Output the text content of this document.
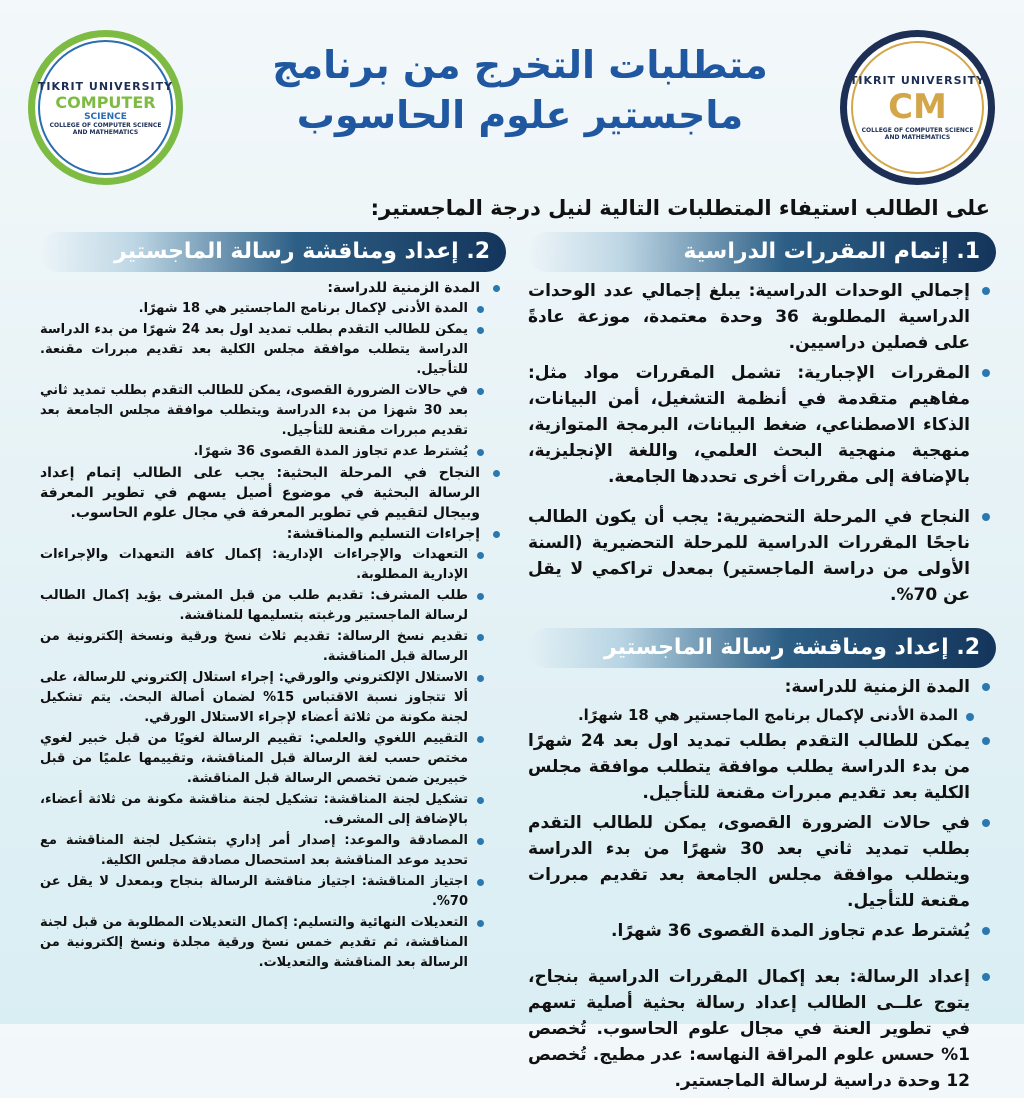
TIKRIT UNIVERSITY
COMPUTER
SCIENCE
COLLEGE OF COMPUTER SCIENCE AND MATHEMATICS
TIKRIT UNIVERSITY
CM
COLLEGE OF COMPUTER SCIENCE AND MATHEMATICS
متطلبات التخرج من برنامج
ماجستير علوم الحاسوب
على الطالب استيفاء المتطلبات التالية لنيل درجة الماجستير:
1. إتمام المقررات الدراسية
إجمالي الوحدات الدراسية: يبلغ إجمالي عدد الوحدات الدراسية المطلوبة 36 وحدة معتمدة، موزعة عادةً على فصلين دراسيين.
المقررات الإجبارية: تشمل المقررات مواد مثل: مفاهيم متقدمة في أنظمة التشغيل، أمن البيانات، الذكاء الاصطناعي، ضغط البيانات، البرمجة المتوازية، منهجية منهجية البحث العلمي، واللغة الإنجليزية، بالإضافة إلى مقررات أخرى تحددها الجامعة.
النجاح في المرحلة التحضيرية: يجب أن يكون الطالب ناجحًا المقررات الدراسية للمرحلة التحضيرية (السنة الأولى من دراسة الماجستير) بمعدل تراكمي لا يقل عن 70%.
2. إعداد ومناقشة رسالة الماجستير
المدة الزمنية للدراسة:
المدة الأدنى لإكمال برنامج الماجستير هي 18 شهرًا.
يمكن للطالب التقدم بطلب تمديد اول بعد 24 شهرًا من بدء الدراسة يطلب موافقة يتطلب موافقة مجلس الكلية بعد تقديم مبررات مقنعة للتأجيل.
في حالات الضرورة القصوى، يمكن للطالب التقدم بطلب تمديد ثاني بعد 30 شهرًا من بدء الدراسة ويتطلب موافقة مجلس الجامعة بعد تقديم مبررات مقنعة للتأجيل.
يُشترط عدم تجاوز المدة القصوى 36 شهرًا.
إعداد الرسالة: بعد إكمال المقررات الدراسية بنجاح، يتوج علــى الطالب إعداد رسالة بحثية أصلية تسهم في تطوير العنة في مجال علوم الحاسوب. تُخصص 1% حسس علوم المراقة النهاسه: عدر مطيج. تُخصص 12 وحدة دراسية لرسالة الماجستير.
2. إعداد ومناقشة رسالة الماجستير
المدة الزمنية للدراسة:
المدة الأدنى لإكمال برنامج الماجستير هي 18 شهرًا.
يمكن للطالب التقدم بطلب تمديد اول بعد 24 شهرًا من بدء الدراسة الدراسة يتطلب موافقة مجلس الكلية بعد تقديم مبررات مقنعة. للتأجيل.
في حالات الضرورة القصوى، يمكن للطالب التقدم بطلب تمديد ثاني بعد 30 شهزا من بدء الدراسة ويتطلب موافقة مجلس الجامعة بعد تقديم مبررات مقنعة للتأجيل.
يُشترط عدم تجاوز المدة القصوى 36 شهرًا.
النجاح في المرحلة البحثية: يجب على الطالب إتمام إعداد الرسالة البحثية في موضوع أصيل يسهم في تطوير المعرفة وبيجال لتقييم في تطوير المعرفة في مجال علوم الحاسوب.
إجراءات التسليم والمناقشة:
التعهدات والإجراءات الإدارية: إكمال كافة التعهدات والإجراءات الإدارية المطلوبة.
طلب المشرف: تقديم طلب من قبل المشرف يؤيد إكمال الطالب لرسالة الماجستير ورغبته بتسليمها للمناقشة.
تقديم نسخ الرسالة: تقديم ثلاث نسخ ورقية ونسخة إلكترونية من الرسالة قبل المناقشة.
الاستلال الإلكتروني والورقي: إجراء استلال إلكتروني للرسالة، على ألا تتجاوز نسبة الاقتباس 15% لضمان أصالة البحث. يتم تشكيل لجنة مكونة من ثلاثة أعضاء لإجراء الاستلال الورقي.
التقييم اللغوي والعلمي: تقييم الرسالة لغويًا من قبل خبير لغوي مختص حسب لغة الرسالة قبل المناقشة، وتقييمها علميًا من قبل خبيرين ضمن تخصص الرسالة قبل المناقشة.
تشكيل لجنة المناقشة: تشكيل لجنة مناقشة مكونة من ثلاثة أعضاء، بالإضافة إلى المشرف.
المصادقة والموعد: إصدار أمر إداري بتشكيل لجنة المناقشة مع تحديد موعد المناقشة بعد استحصال مصادقة مجلس الكلية.
اجتياز المناقشة: اجتياز مناقشة الرسالة بنجاح وبمعدل لا يقل عن 70%.
التعديلات النهائية والتسليم: إكمال التعديلات المطلوبة من قبل لجنة المناقشة، ثم تقديم خمس نسخ ورقية مجلدة ونسخ إلكترونية من الرسالة بعد المناقشة والتعديلات.
